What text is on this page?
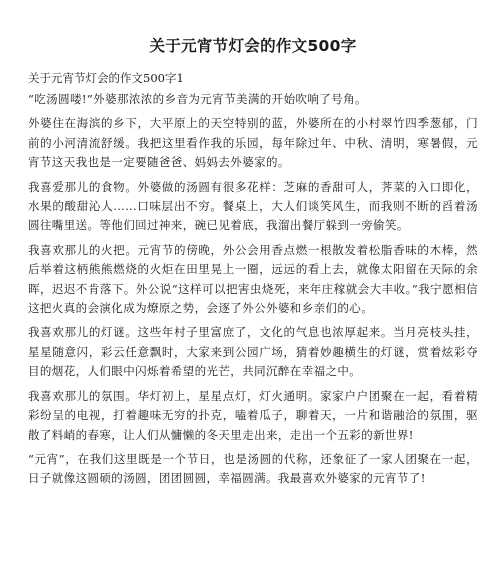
关于元宵节灯会的作文500字

关于元宵节灯会的作文500字1

“吃汤圆喽!”外婆那浓浓的乡音为元宵节美满的开始吹响了号角。

外婆住在海滨的乡下，大平原上的天空特别的蓝，外婆所在的小村翠竹四季葱郁，门前的小河清流舒缓。我把这里看作我的乐园，每年除过年、中秋、清明，寒暑假，元宵节这天我也是一定要随爸爸、妈妈去外婆家的。

我喜爱那儿的食物。外婆做的汤圆有很多花样：芝麻的香甜可人，荠菜的入口即化，水果的酸甜沁人……口味层出不穷。餐桌上，大人们谈笑风生，而我则不断的舀着汤圆往嘴里送。等他们回过神来，碗已见着底，我溜出餐厅躲到一旁偷笑。

我喜欢那儿的火把。元宵节的傍晚，外公会用香点燃一根散发着松脂香味的木棒，然后举着这柄熊熊燃烧的火炬在田里晃上一圈，远远的看上去，就像太阳留在天际的余晖，迟迟不肯落下。外公说“这样可以把害虫烧死，来年庄稼就会大丰收。”我宁愿相信这把火真的会演化成为燎原之势，会逐了外公外婆和乡亲们的心。

我喜欢那儿的灯谜。这些年村子里富庶了，文化的气息也浓厚起来。当月亮枝头挂，星星随意闪，彩云任意飘时，大家来到公园广场，猜着妙趣横生的灯谜，赏着炫彩夺目的烟花，人们眼中闪烁着希望的光芒，共同沉醉在幸福之中。

我喜欢那儿的氛围。华灯初上，星星点灯，灯火通明。家家户户团聚在一起，看着精彩纷呈的电视，打着趣味无穷的扑克，嗑着瓜子，聊着天，一片和谐融洽的氛围，驱散了料峭的春寒，让人们从慵懒的冬天里走出来，走出一个五彩的新世界!

“元宵”，在我们这里既是一个节日，也是汤圆的代称，还象征了一家人团聚在一起，日子就像这圆硕的汤圆，团团圆圆，幸福圆满。我最喜欢外婆家的元宵节了!
